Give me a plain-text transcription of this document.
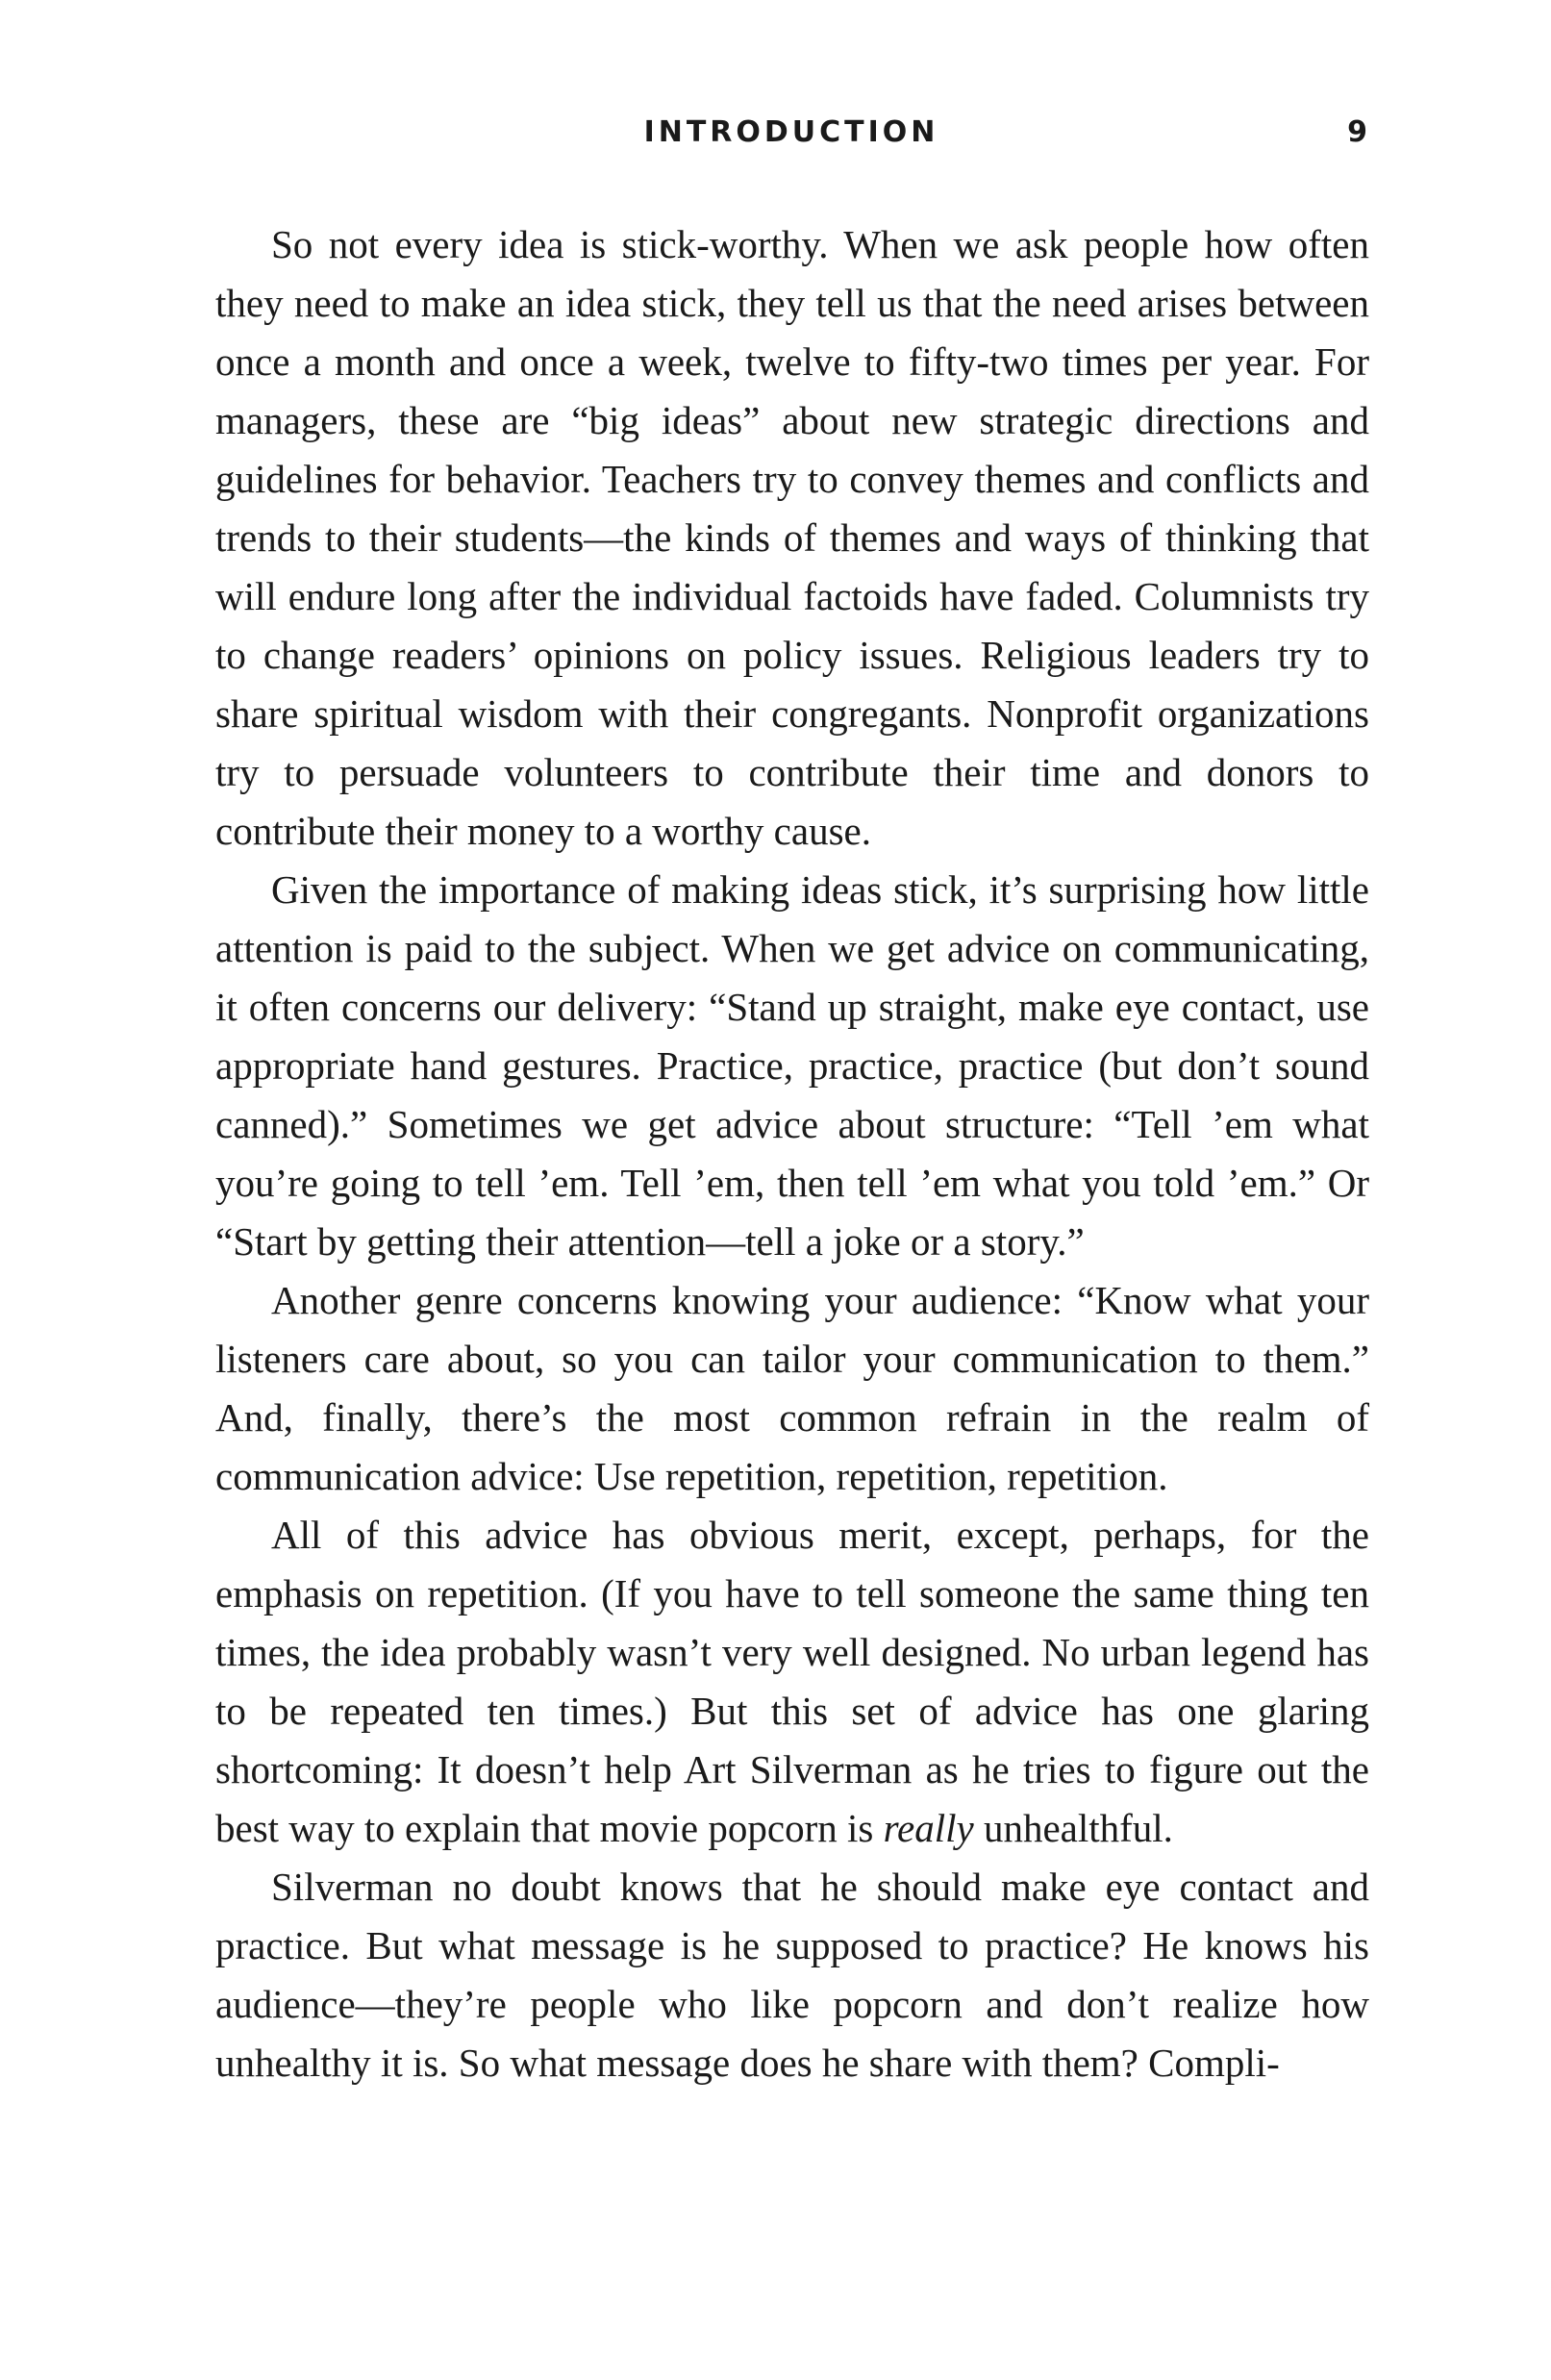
INTRODUCTION	9

So not every idea is stick-worthy. When we ask people how often they need to make an idea stick, they tell us that the need arises between once a month and once a week, twelve to fifty-two times per year. For managers, these are “big ideas” about new strategic directions and guidelines for behavior. Teachers try to convey themes and conflicts and trends to their students—the kinds of themes and ways of thinking that will endure long after the individual factoids have faded. Columnists try to change readers’ opinions on policy issues. Religious leaders try to share spiritual wisdom with their congregants. Nonprofit organizations try to persuade volunteers to contribute their time and donors to contribute their money to a worthy cause.

Given the importance of making ideas stick, it’s surprising how little attention is paid to the subject. When we get advice on communicating, it often concerns our delivery: “Stand up straight, make eye contact, use appropriate hand gestures. Practice, practice, practice (but don’t sound canned).” Sometimes we get advice about structure: “Tell ’em what you’re going to tell ’em. Tell ’em, then tell ’em what you told ’em.” Or “Start by getting their attention—tell a joke or a story.”

Another genre concerns knowing your audience: “Know what your listeners care about, so you can tailor your communication to them.” And, finally, there’s the most common refrain in the realm of communication advice: Use repetition, repetition, repetition.

All of this advice has obvious merit, except, perhaps, for the emphasis on repetition. (If you have to tell someone the same thing ten times, the idea probably wasn’t very well designed. No urban legend has to be repeated ten times.) But this set of advice has one glaring shortcoming: It doesn’t help Art Silverman as he tries to figure out the best way to explain that movie popcorn is really unhealthful.

Silverman no doubt knows that he should make eye contact and practice. But what message is he supposed to practice? He knows his audience—they’re people who like popcorn and don’t realize how unhealthy it is. So what message does he share with them? Compli-
